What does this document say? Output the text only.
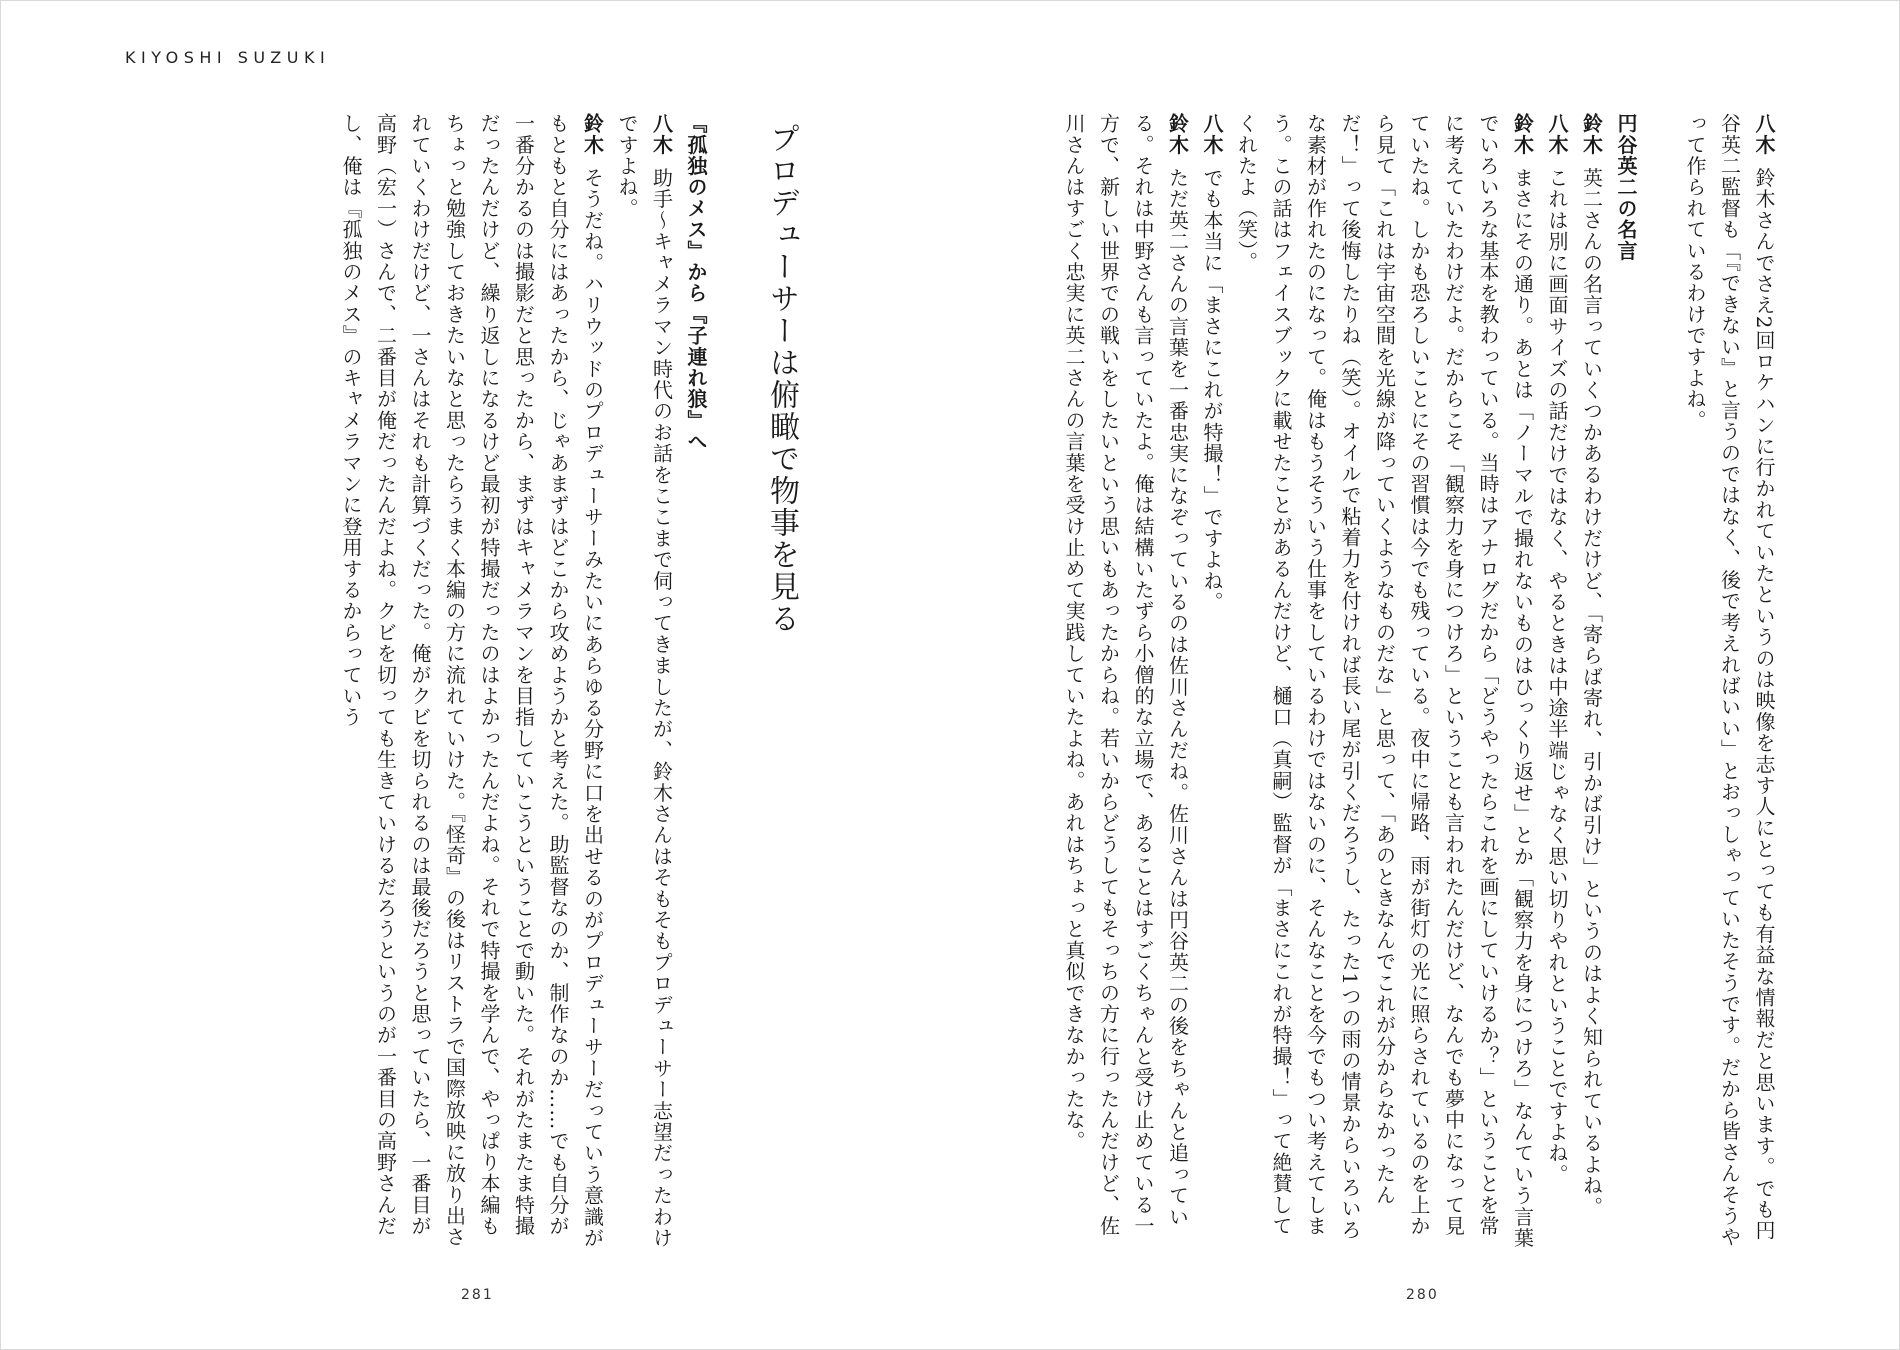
KIYOSHI SUZUKI

八木鈴木さんでさえ2回ロケハンに行かれていたというのは映像を志す人にとっても有益な情報だと思います。でも円谷英二監督も「『できない』と言うのではなく、後で考えればいい」とおっしゃっていたそうです。だから皆さんそうやって作られているわけですよね。

円谷英二の名言

鈴木英二さんの名言っていくつかあるわけだけど、「寄らば寄れ、引かば引け」というのはよく知られているよね。

八木これは別に画面サイズの話だけではなく、やるときは中途半端じゃなく思い切りやれということですよね。

鈴木まさにその通り。あとは「ノーマルで撮れないものはひっくり返せ」とか「観察力を身につけろ」なんていう言葉でいろいろな基本を教わっている。当時はアナログだから「どうやったらこれを画にしていけるか？」ということを常に考えていたわけだよ。だからこそ「観察力を身につけろ」ということも言われたんだけど、なんでも夢中になって見ていたね。しかも恐ろしいことにその習慣は今でも残っている。夜中に帰路、雨が街灯の光に照らされているのを上から見て「これは宇宙空間を光線が降っていくようなものだな」と思って、「あのときなんでこれが分からなかったんだ！」って後悔したりね（笑）。オイルで粘着力を付ければ長い尾が引くだろうし、たった1つの雨の情景からいろいろな素材が作れたのになって。俺はもうそういう仕事をしているわけではないのに、そんなことを今でもつい考えてしまう。この話はフェイスブックに載せたことがあるんだけど、樋口（真嗣）監督が「まさにこれが特撮！」って絶賛してくれたよ（笑）。

八木でも本当に「まさにこれが特撮！」ですよね。

鈴木ただ英二さんの言葉を一番忠実になぞっているのは佐川さんだね。佐川さんは円谷英二の後をちゃんと追っている。それは中野さんも言っていたよ。俺は結構いたずら小僧的な立場で、あることはすごくちゃんと受け止めている一方で、新しい世界での戦いをしたいという思いもあったからね。若いからどうしてもそっちの方に行ったんだけど、佐川さんはすごく忠実に英二さんの言葉を受け止めて実践していたよね。あれはちょっと真似できなかったな。

プロデューサーは俯瞰で物事を見る

『孤独のメス』から『子連れ狼』へ

八木助手～キャメラマン時代のお話をここまで伺ってきましたが、鈴木さんはそもそもプロデューサー志望だったわけですよね。

鈴木そうだね。ハリウッドのプロデューサーみたいにあらゆる分野に口を出せるのがプロデューサーだっていう意識がもともと自分にはあったから、じゃあまずはどこから攻めようかと考えた。助監督なのか、制作なのか……でも自分が一番分かるのは撮影だと思ったから、まずはキャメラマンを目指していこうということで動いた。それがたまたま特撮だったんだけど、繰り返しになるけど最初が特撮だったのはよかったんだよね。それで特撮を学んで、やっぱり本編もちょっと勉強しておきたいなと思ったらうまく本編の方に流れていけた。『怪奇』の後はリストラで国際放映に放り出されていくわけだけど、一さんはそれも計算づくだった。俺がクビを切られるのは最後だろうと思っていたら、一番目が高野（宏一）さんで、二番目が俺だったんだよね。クビを切っても生きていけるだろうというのが一番目の高野さんだし、俺は『孤独のメス』のキャメラマンに登用するからっていう

281	280
